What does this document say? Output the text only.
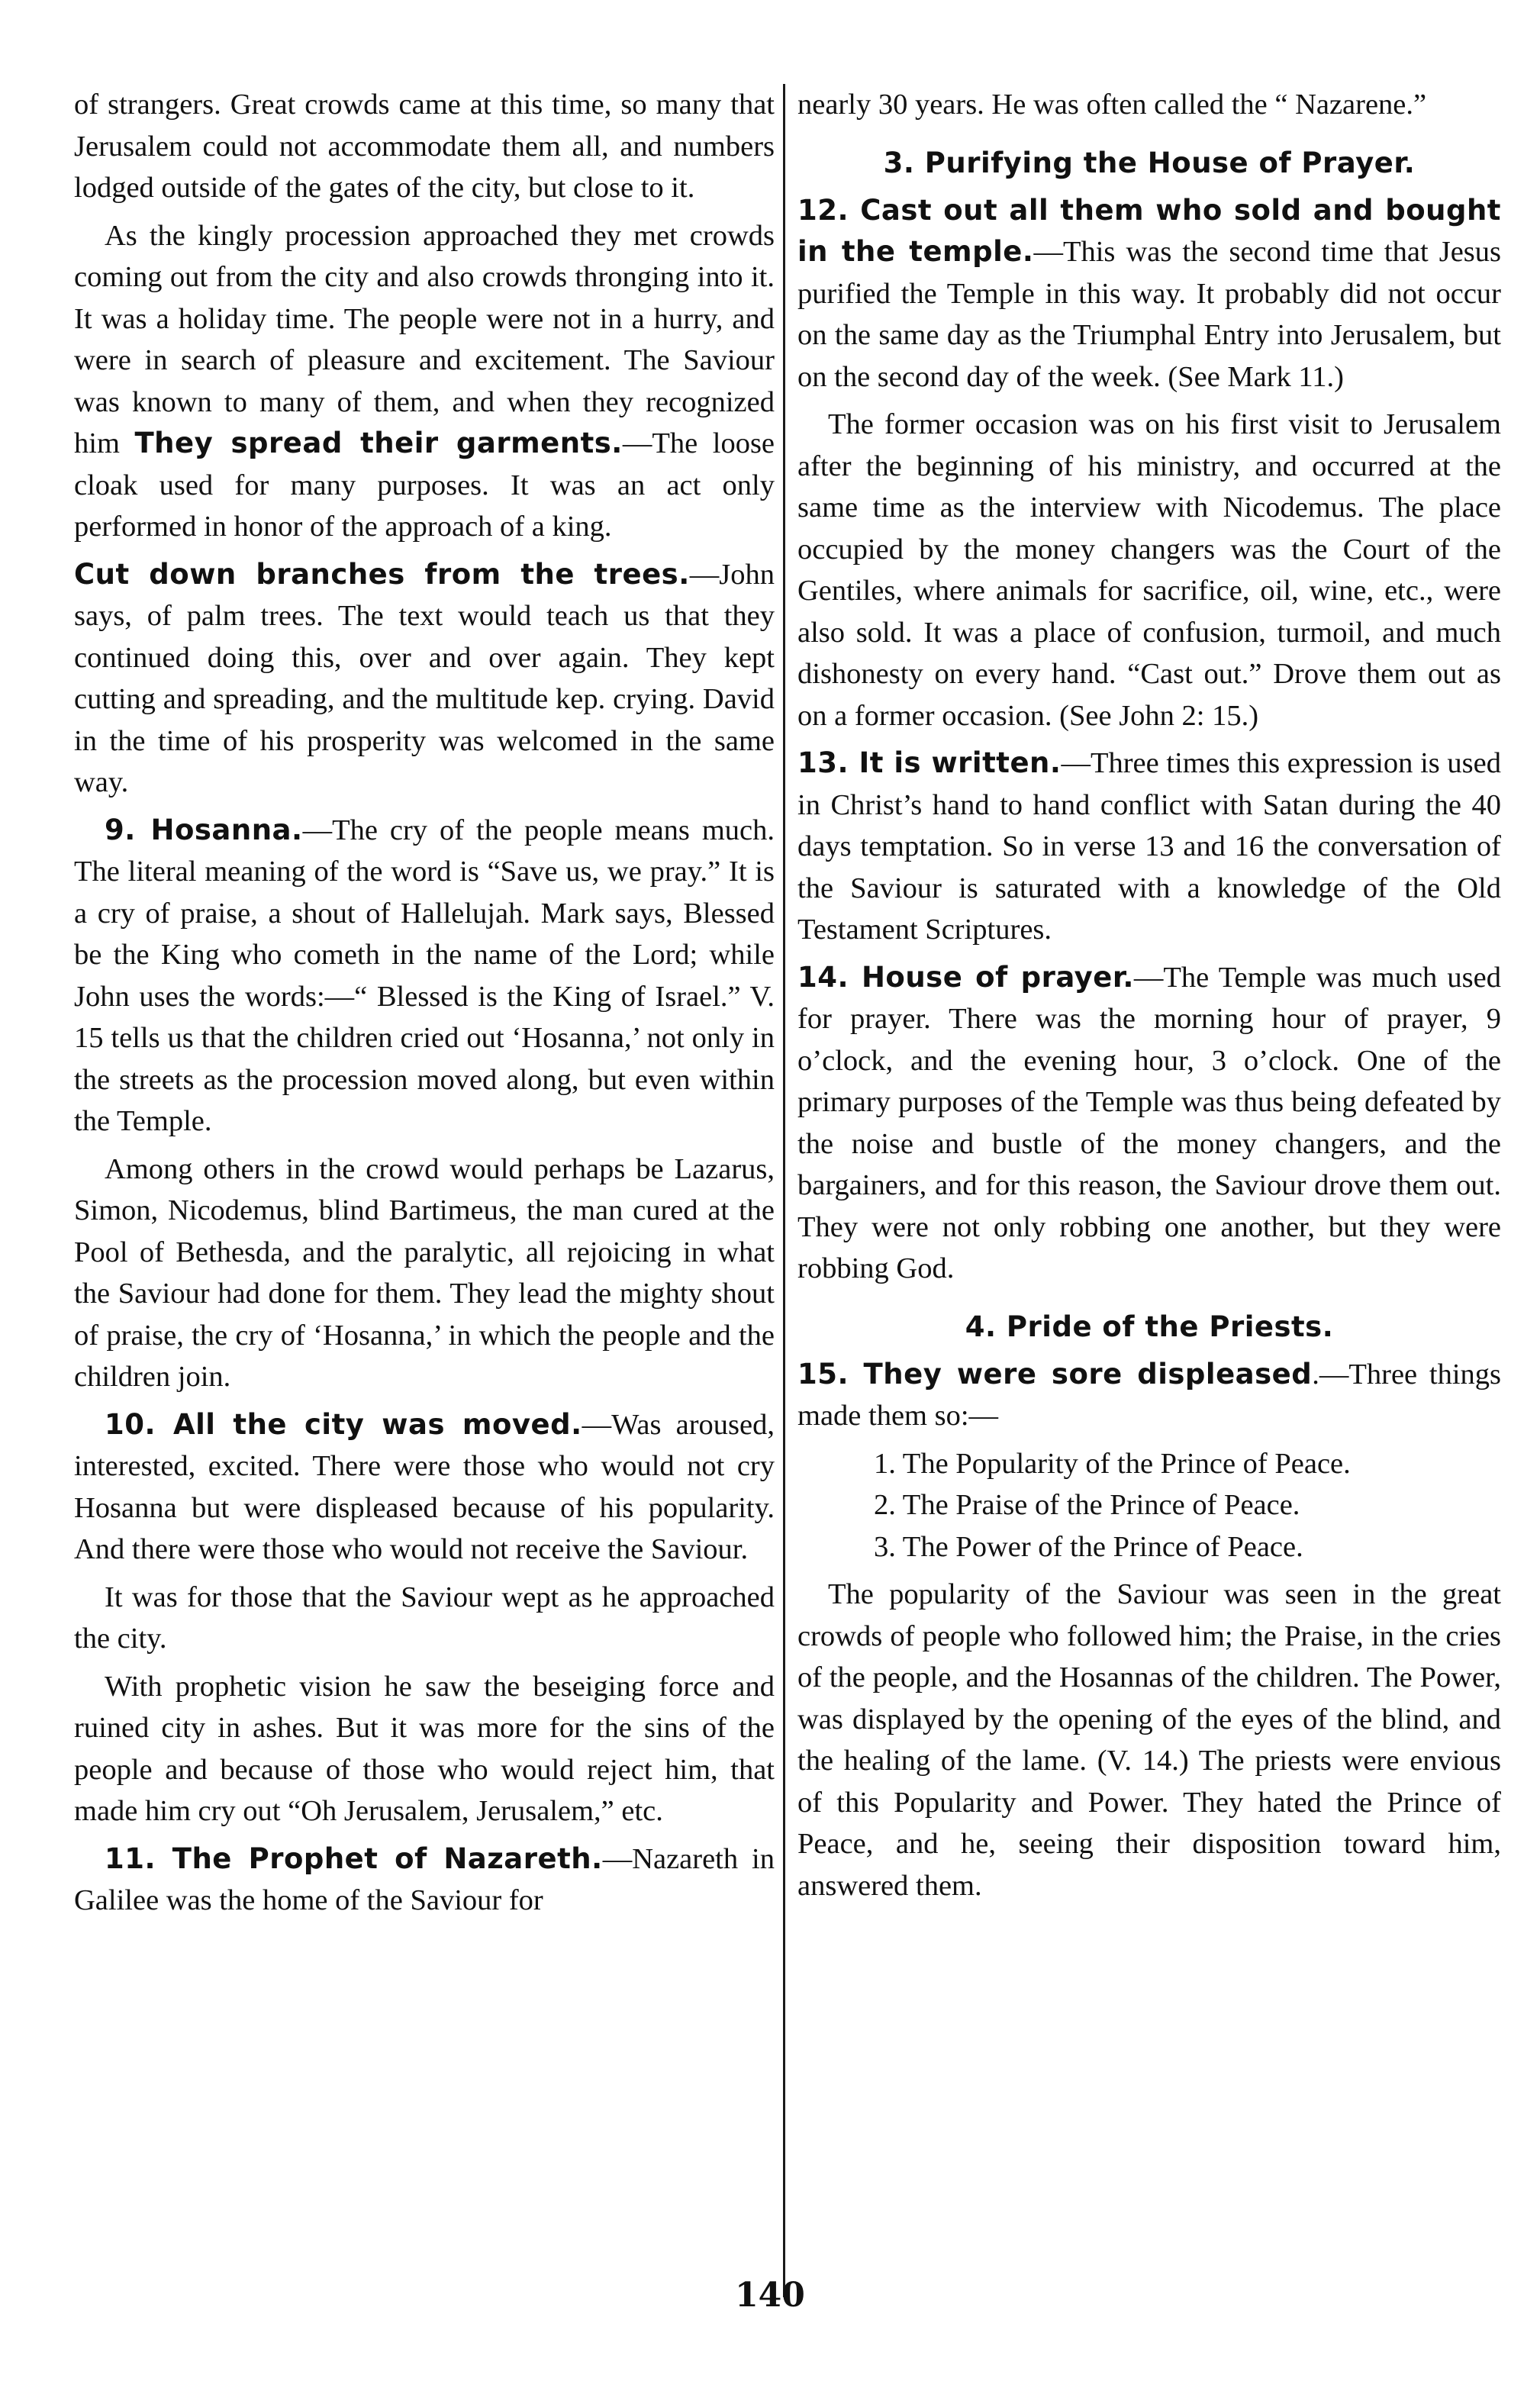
of strangers. Great crowds came at this time, so many that Jerusalem could not accommodate them all, and numbers lodged outside of the gates of the city, but close to it.

As the kingly procession approached they met crowds coming out from the city and also crowds thronging into it. It was a holiday time. The people were not in a hurry, and were in search of pleasure and excitement. The Saviour was known to many of them, and when they recognized him They spread their garments.—The loose cloak used for many purposes. It was an act only performed in honor of the approach of a king.

Cut down branches from the trees.—John says, of palm trees. The text would teach us that they continued doing this, over and over again. They kept cutting and spreading, and the multitude kep. crying. David in the time of his prosperity was welcomed in the same way.

9. Hosanna.—The cry of the people means much. The literal meaning of the word is “Save us, we pray.” It is a cry of praise, a shout of Hallelujah. Mark says, Blessed be the King who cometh in the name of the Lord; while John uses the words:—“ Blessed is the King of Israel.” V. 15 tells us that the children cried out ‘Hosanna,’ not only in the streets as the procession moved along, but even within the Temple.

Among others in the crowd would perhaps be Lazarus, Simon, Nicodemus, blind Bartimeus, the man cured at the Pool of Bethesda, and the paralytic, all rejoicing in what the Saviour had done for them. They lead the mighty shout of praise, the cry of ‘Hosanna,’ in which the people and the children join.

10. All the city was moved.—Was aroused, interested, excited. There were those who would not cry Hosanna but were displeased because of his popularity. And there were those who would not receive the Saviour.

It was for those that the Saviour wept as he approached the city.

With prophetic vision he saw the beseiging force and ruined city in ashes. But it was more for the sins of the people and because of those who would reject him, that made him cry out “Oh Jerusalem, Jerusalem,” etc.

11. The Prophet of Nazareth.—Nazareth in Galilee was the home of the Saviour for

nearly 30 years. He was often called the “ Nazarene.”

3. Purifying the House of Prayer.

12. Cast out all them who sold and bought in the temple.—This was the second time that Jesus purified the Temple in this way. It probably did not occur on the same day as the Triumphal Entry into Jerusalem, but on the second day of the week. (See Mark 11.)

The former occasion was on his first visit to Jerusalem after the beginning of his ministry, and occurred at the same time as the interview with Nicodemus. The place occupied by the money changers was the Court of the Gentiles, where animals for sacrifice, oil, wine, etc., were also sold. It was a place of confusion, turmoil, and much dishonesty on every hand. “Cast out.” Drove them out as on a former occasion. (See John 2: 15.)

13. It is written.—Three times this expression is used in Christ’s hand to hand conflict with Satan during the 40 days temptation. So in verse 13 and 16 the conversation of the Saviour is saturated with a knowledge of the Old Testament Scriptures.

14. House of prayer.—The Temple was much used for prayer. There was the morning hour of prayer, 9 o’clock, and the evening hour, 3 o’clock. One of the primary purposes of the Temple was thus being defeated by the noise and bustle of the money changers, and the bargainers, and for this reason, the Saviour drove them out. They were not only robbing one another, but they were robbing God.

4. Pride of the Priests.

15. They were sore displeased.—Three things made them so:—

1. The Popularity of the Prince of Peace.
2. The Praise of the Prince of Peace.
3. The Power of the Prince of Peace.

The popularity of the Saviour was seen in the great crowds of people who followed him; the Praise, in the cries of the people, and the Hosannas of the children. The Power, was displayed by the opening of the eyes of the blind, and the healing of the lame. (V. 14.) The priests were envious of this Popularity and Power. They hated the Prince of Peace, and he, seeing their disposition toward him, answered them.

140
